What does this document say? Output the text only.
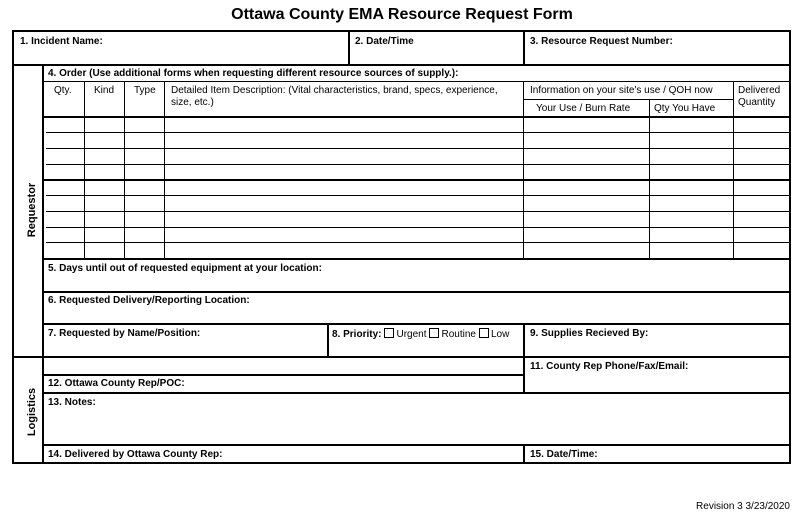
Ottawa County EMA Resource Request Form
1. Incident Name:	2. Date/Time	3. Resource Request Number:
Requestor
Logistics
4. Order (Use additional forms when requesting different resource sources of supply.):
Qty. Kind Type Detailed Item Description: (Vital characteristics, brand, specs, experience, size, etc.)
Information on your site's use / QOH now
Your Use / Burn Rate Qty You Have
Delivered Quantity
5. Days until out of requested equipment at your location:
6. Requested Delivery/Reporting Location:
7. Requested by Name/Position:	8. Priority: Urgent Routine Low 9. Supplies Recieved By:
11. County Rep Phone/Fax/Email:
12. Ottawa County Rep/POC:
13. Notes:
14. Delivered by Ottawa County Rep:	15. Date/Time:
Revision 3 3/23/2020
